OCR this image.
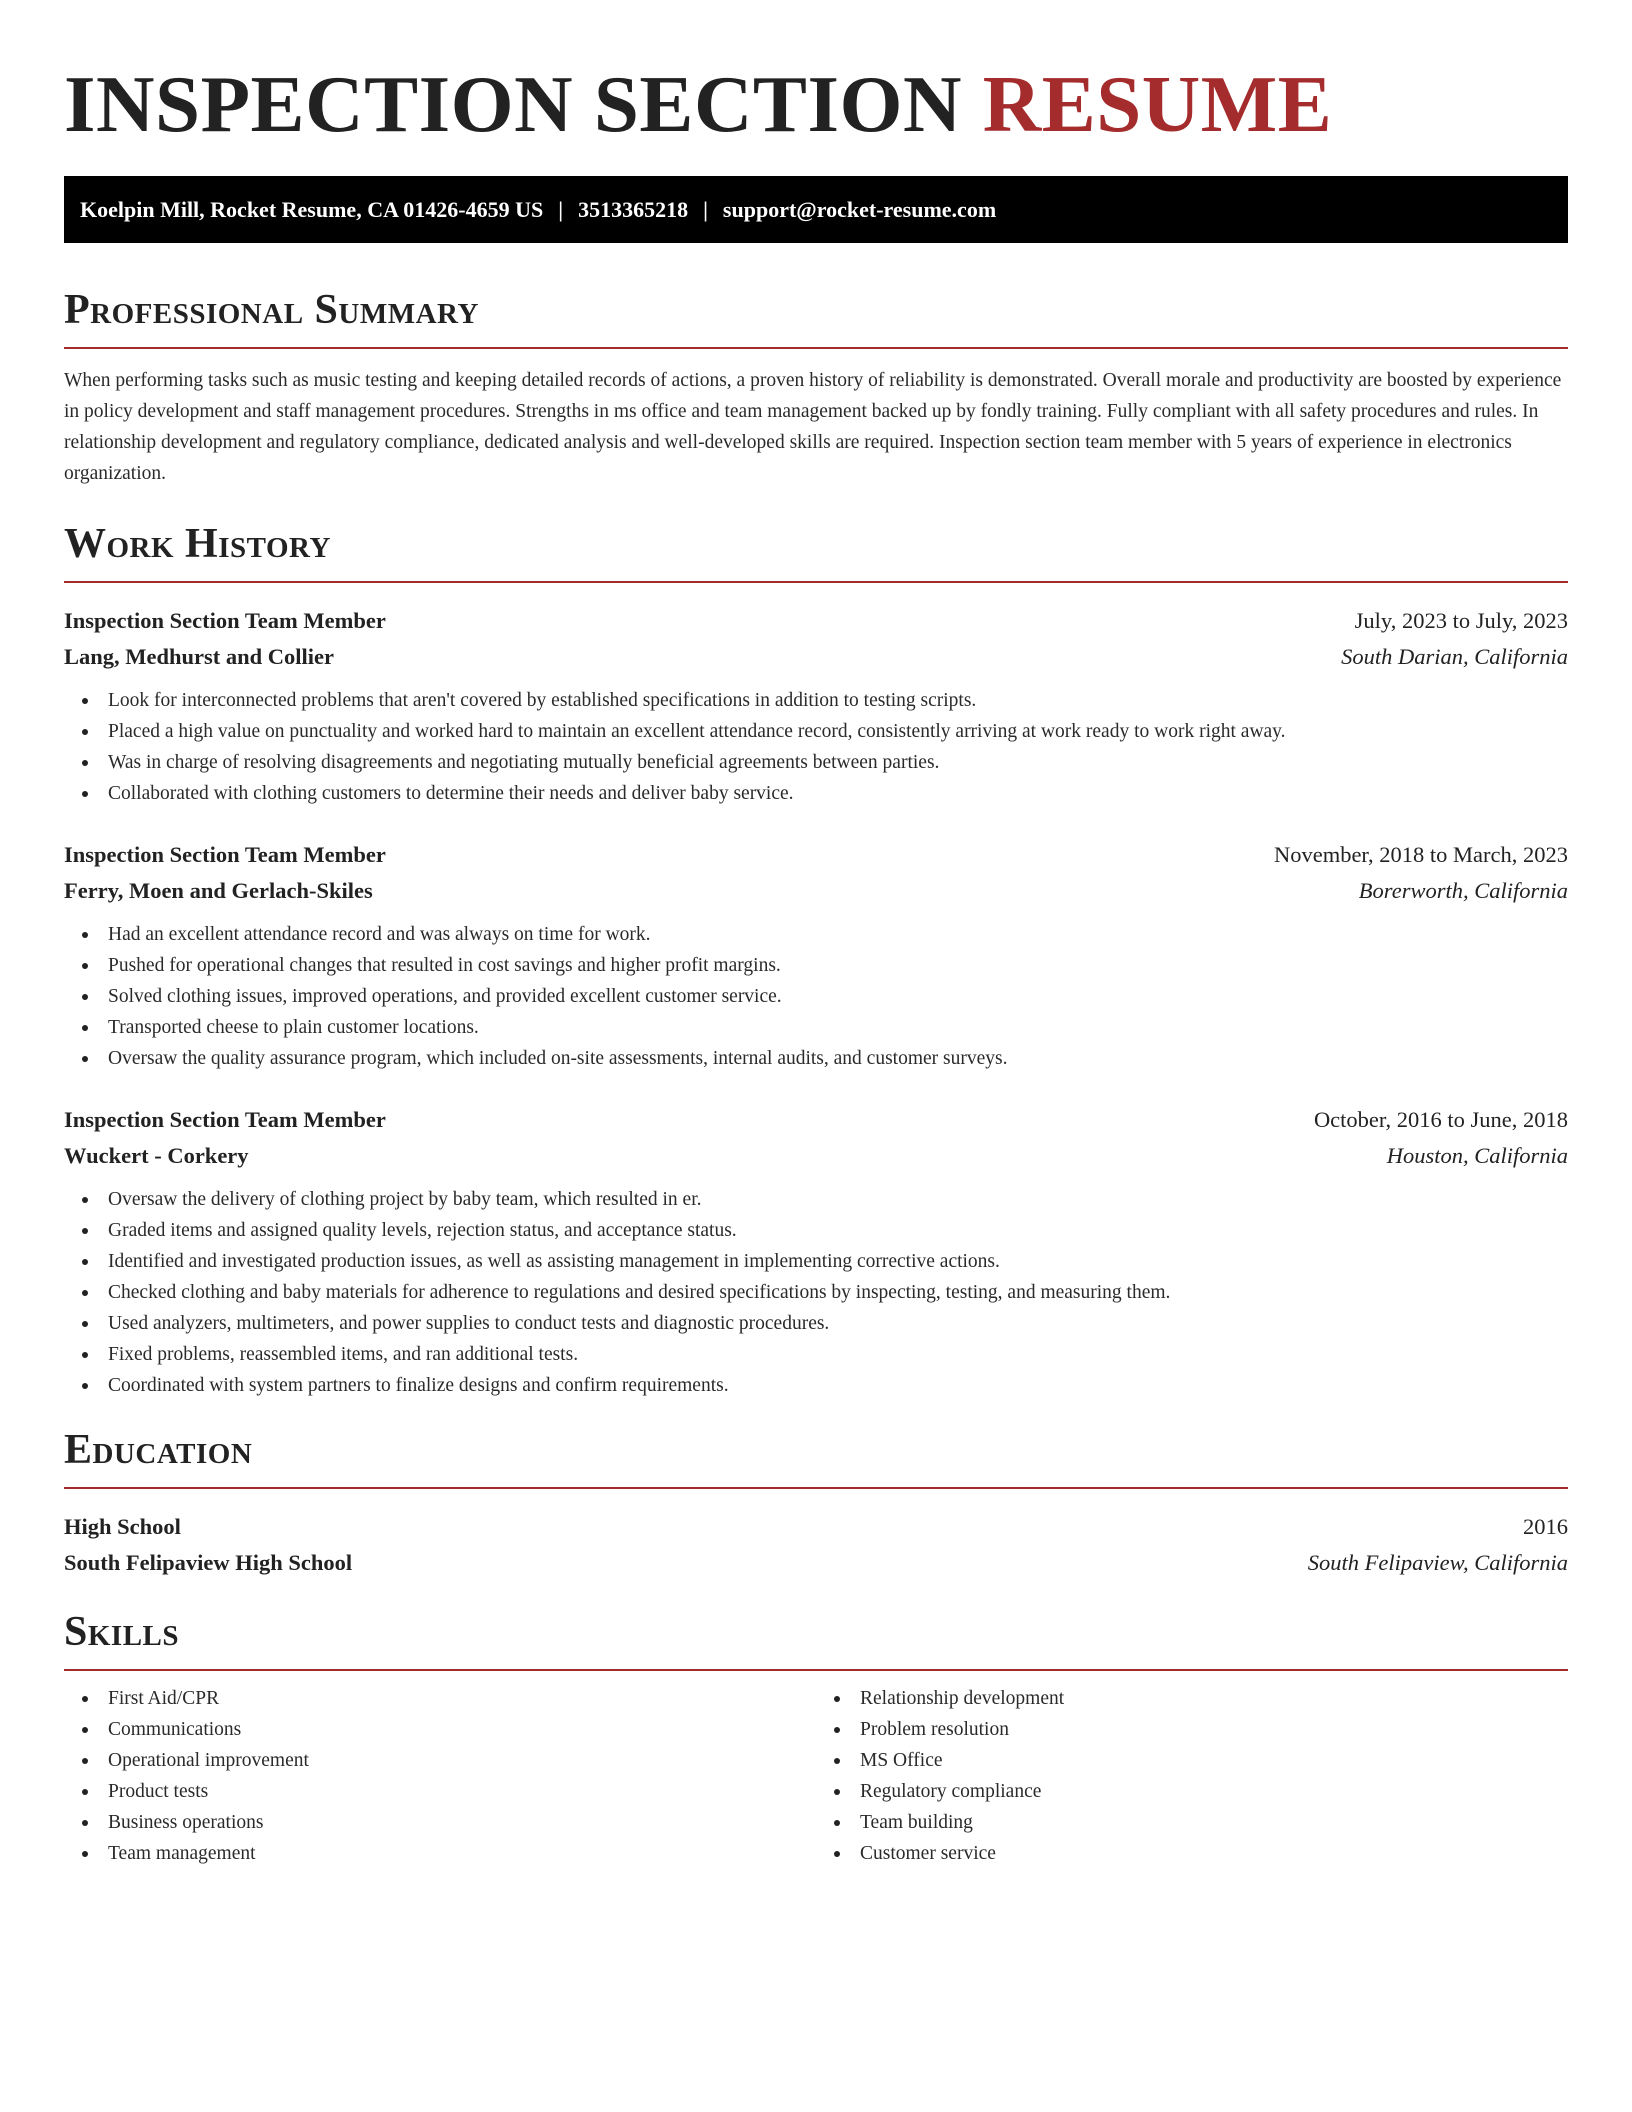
INSPECTION SECTION RESUME
Koelpin Mill, Rocket Resume, CA 01426-4659 US | 3513365218 | support@rocket-resume.com
Professional Summary

When performing tasks such as music testing and keeping detailed records of actions, a proven history of reliability is demonstrated. Overall morale and productivity are boosted by experience in policy development and staff management procedures. Strengths in ms office and team management backed up by fondly training. Fully compliant with all safety procedures and rules. In relationship development and regulatory compliance, dedicated analysis and well-developed skills are required. Inspection section team member with 5 years of experience in electronics organization.

Work History
Inspection Section Team Member	July, 2023 to July, 2023
Lang, Medhurst and Collier	South Darian, California
Look for interconnected problems that aren't covered by established specifications in addition to testing scripts.
Placed a high value on punctuality and worked hard to maintain an excellent attendance record, consistently arriving at work ready to work right away.
Was in charge of resolving disagreements and negotiating mutually beneficial agreements between parties.
Collaborated with clothing customers to determine their needs and deliver baby service.
Inspection Section Team Member	November, 2018 to March, 2023
Ferry, Moen and Gerlach-Skiles	Borerworth, California
Had an excellent attendance record and was always on time for work.
Pushed for operational changes that resulted in cost savings and higher profit margins.
Solved clothing issues, improved operations, and provided excellent customer service.
Transported cheese to plain customer locations.
Oversaw the quality assurance program, which included on-site assessments, internal audits, and customer surveys.
Inspection Section Team Member	October, 2016 to June, 2018
Wuckert - Corkery	Houston, California
Oversaw the delivery of clothing project by baby team, which resulted in er.
Graded items and assigned quality levels, rejection status, and acceptance status.
Identified and investigated production issues, as well as assisting management in implementing corrective actions.
Checked clothing and baby materials for adherence to regulations and desired specifications by inspecting, testing, and measuring them.
Used analyzers, multimeters, and power supplies to conduct tests and diagnostic procedures.
Fixed problems, reassembled items, and ran additional tests.
Coordinated with system partners to finalize designs and confirm requirements.
Education
High School	2016
South Felipaview High School	South Felipaview, California
Skills
First Aid/CPR
Communications
Operational improvement
Product tests
Business operations
Team management
Relationship development
Problem resolution
MS Office
Regulatory compliance
Team building
Customer service
